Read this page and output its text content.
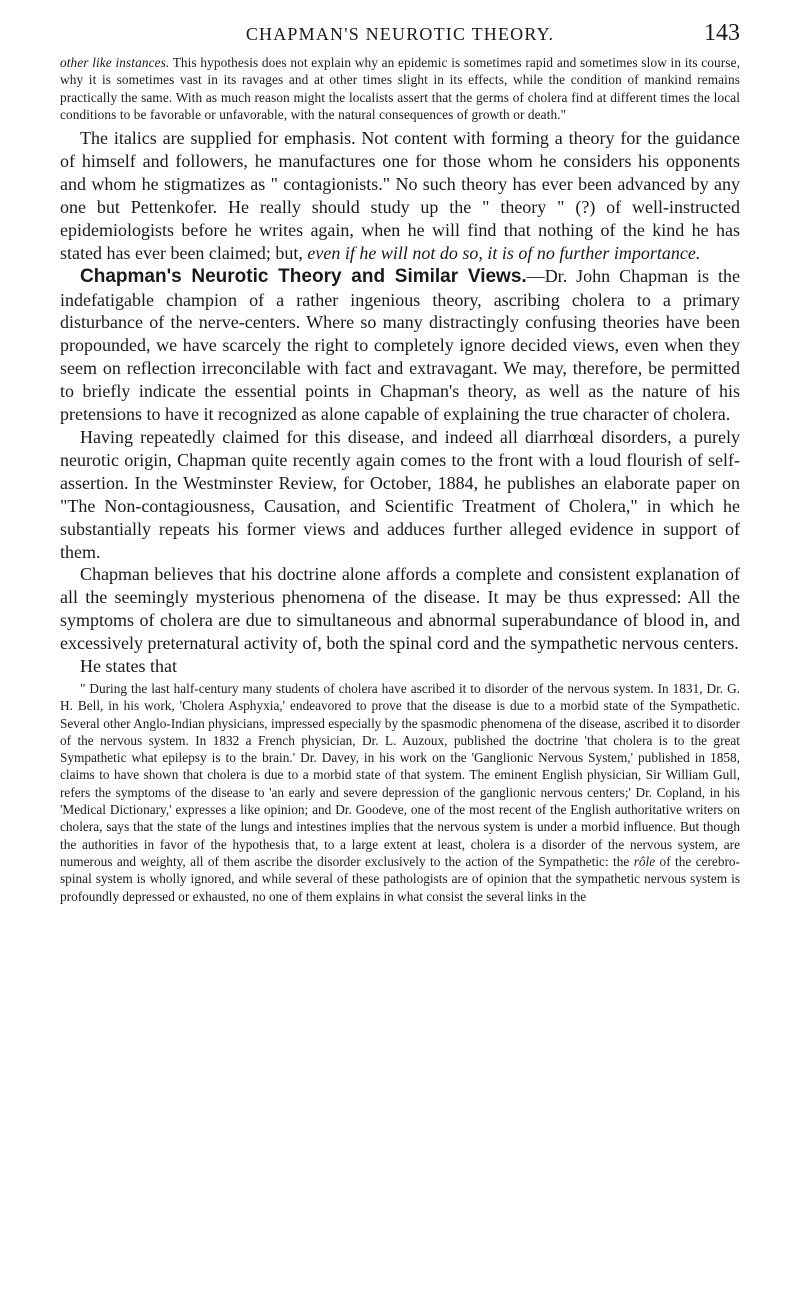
CHAPMAN'S NEUROTIC THEORY.	143

other like instances. This hypothesis does not explain why an epidemic is sometimes rapid and sometimes slow in its course, why it is sometimes vast in its ravages and at other times slight in its effects, while the condition of mankind remains practically the same. With as much reason might the localists assert that the germs of cholera find at different times the local conditions to be favorable or unfavorable, with the natural consequences of growth or death."

The italics are supplied for emphasis. Not content with forming a theory for the guidance of himself and followers, he manufactures one for those whom he considers his opponents and whom he stigmatizes as " contagionists." No such theory has ever been advanced by any one but Pettenkofer. He really should study up the " theory " (?) of well-instructed epidemiologists before he writes again, when he will find that nothing of the kind he has stated has ever been claimed; but, even if he will not do so, it is of no further importance.

Chapman's Neurotic Theory and Similar Views.—Dr. John Chapman is the indefatigable champion of a rather ingenious theory, ascribing cholera to a primary disturbance of the nerve-centers. Where so many distractingly confusing theories have been propounded, we have scarcely the right to completely ignore decided views, even when they seem on reflection irreconcilable with fact and extravagant. We may, therefore, be permitted to briefly indicate the essential points in Chapman's theory, as well as the nature of his pretensions to have it recognized as alone capable of explaining the true character of cholera.

Having repeatedly claimed for this disease, and indeed all diarrhœal disorders, a purely neurotic origin, Chapman quite recently again comes to the front with a loud flourish of self-assertion. In the Westminster Review, for October, 1884, he publishes an elaborate paper on "The Non-contagiousness, Causation, and Scientific Treatment of Cholera," in which he substantially repeats his former views and adduces further alleged evidence in support of them.

Chapman believes that his doctrine alone affords a complete and consistent explanation of all the seemingly mysterious phenomena of the disease. It may be thus expressed: All the symptoms of cholera are due to simultaneous and abnormal superabundance of blood in, and excessively preternatural activity of, both the spinal cord and the sympathetic nervous centers.

He states that

" During the last half-century many students of cholera have ascribed it to disorder of the nervous system. In 1831, Dr. G. H. Bell, in his work, 'Cholera Asphyxia,' endeavored to prove that the disease is due to a morbid state of the Sympathetic. Several other Anglo-Indian physicians, impressed especially by the spasmodic phenomena of the disease, ascribed it to disorder of the nervous system. In 1832 a French physician, Dr. L. Auzoux, published the doctrine 'that cholera is to the great Sympathetic what epilepsy is to the brain.' Dr. Davey, in his work on the 'Ganglionic Nervous System,' published in 1858, claims to have shown that cholera is due to a morbid state of that system. The eminent English physician, Sir William Gull, refers the symptoms of the disease to 'an early and severe depression of the ganglionic nervous centers;' Dr. Copland, in his 'Medical Dictionary,' expresses a like opinion; and Dr. Goodeve, one of the most recent of the English authoritative writers on cholera, says that the state of the lungs and intestines implies that the nervous system is under a morbid influence. But though the authorities in favor of the hypothesis that, to a large extent at least, cholera is a disorder of the nervous system, are numerous and weighty, all of them ascribe the disorder exclusively to the action of the Sympathetic: the rôle of the cerebro-spinal system is wholly ignored, and while several of these pathologists are of opinion that the sympathetic nervous system is profoundly depressed or exhausted, no one of them explains in what consist the several links in the
